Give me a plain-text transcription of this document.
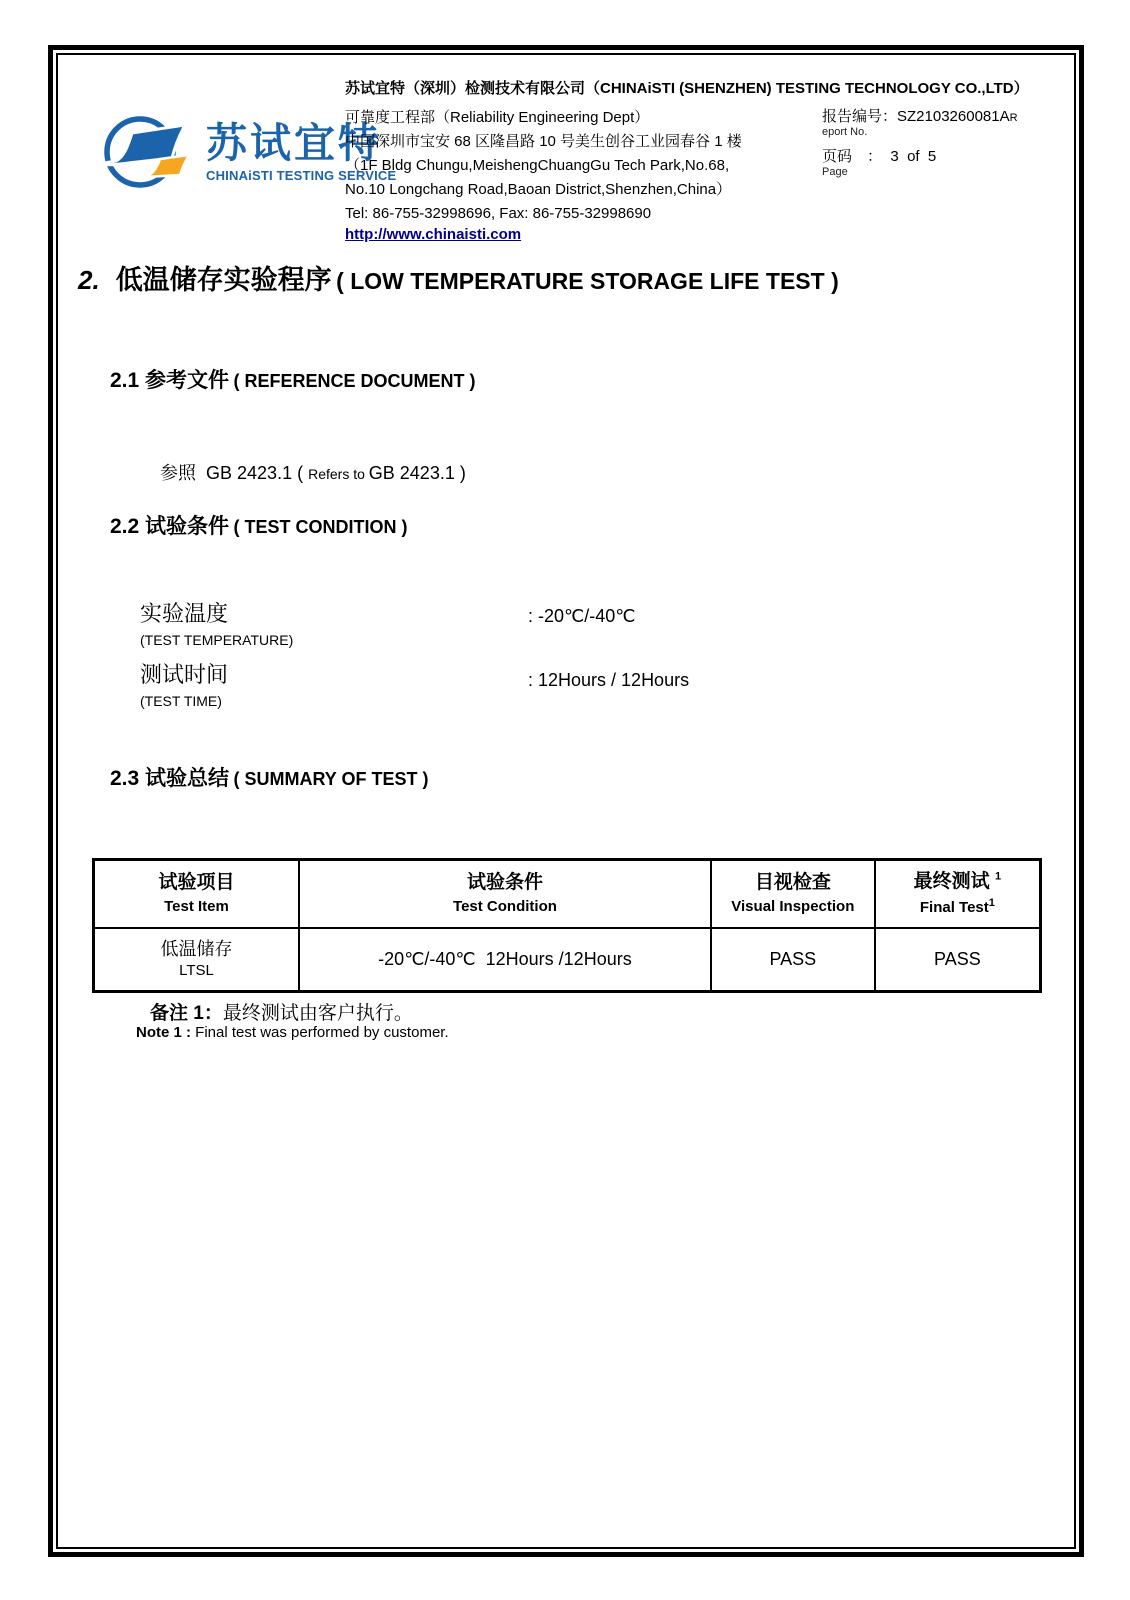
苏试宜特
CHINAiSTI TESTING SERVICE
苏试宜特（深圳）检测技术有限公司（CHINAiSTI (SHENZHEN) TESTING TECHNOLOGY CO.,LTD）
可靠度工程部（Reliability Engineering Dept）
中国深圳市宝安 68 区隆昌路 10 号美生创谷工业园春谷 1 楼
（1F Bldg Chungu,MeishengChuangGu Tech Park,No.68,
No.10 Longchang Road,Baoan District,Shenzhen,China）
Tel: 86-755-32998696, Fax: 86-755-32998690
http://www.chinaisti.com
报告编号：SZ2103260081AR
eport No.
页码　 ： 3  of  5
Page
2. 低温储存实验程序 ( LOW TEMPERATURE STORAGE LIFE TEST )
2.1 参考文件 ( REFERENCE DOCUMENT )

参照  GB 2423.1 ( Refers to GB 2423.1 )

2.2 试验条件 ( TEST CONDITION )
实验温度
(TEST TEMPERATURE)
: -20℃/-40℃
测试时间
(TEST TIME)
: 12Hours / 12Hours
2.3 试验总结 ( SUMMARY OF TEST )
试验项目
Test Item	试验条件
Test Condition	目视检查
Visual Inspection	最终测试 $^1$
Final Test$^1$

低温储存
LTSL	-20℃/-40℃  12Hours /12Hours	PASS	PASS
备注 1：最终测试由客户执行。
Note 1 : Final test was performed by customer.
